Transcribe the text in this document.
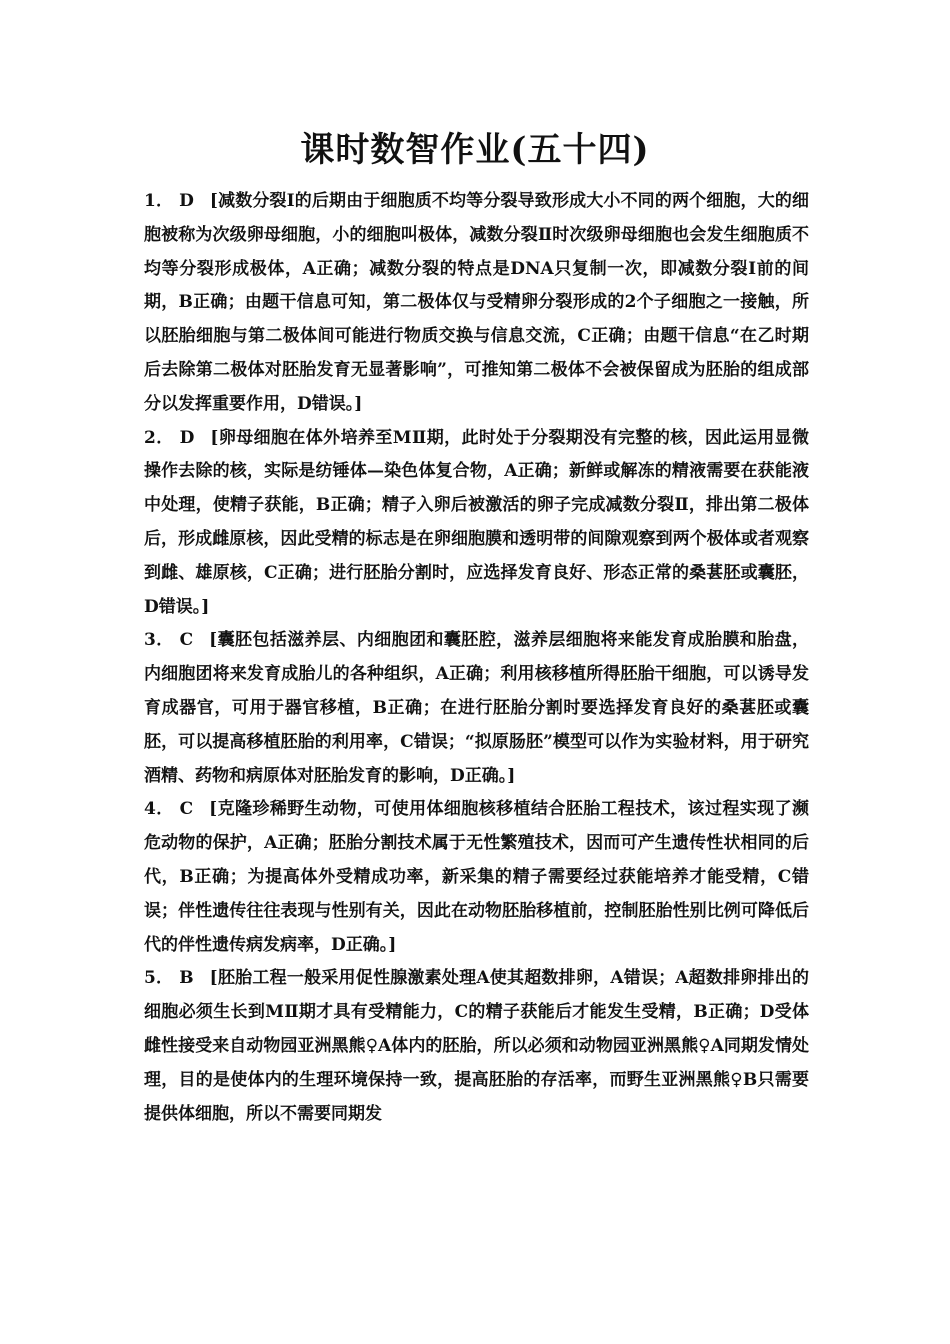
课时数智作业(五十四)

1． D [减数分裂Ⅰ的后期由于细胞质不均等分裂导致形成大小不同的两个细胞，大的细胞被称为次级卵母细胞，小的细胞叫极体，减数分裂Ⅱ时次级卵母细胞也会发生细胞质不均等分裂形成极体，A正确；减数分裂的特点是DNA只复制一次，即减数分裂Ⅰ前的间期，B正确；由题干信息可知，第二极体仅与受精卵分裂形成的2个子细胞之一接触，所以胚胎细胞与第二极体间可能进行物质交换与信息交流，C正确；由题干信息“在乙时期后去除第二极体对胚胎发育无显著影响”，可推知第二极体不会被保留成为胚胎的组成部分以发挥重要作用，D错误。]

2． D [卵母细胞在体外培养至MⅡ期，此时处于分裂期没有完整的核，因此运用显微操作去除的核，实际是纺锤体—染色体复合物，A正确；新鲜或解冻的精液需要在获能液中处理，使精子获能，B正确；精子入卵后被激活的卵子完成减数分裂Ⅱ，排出第二极体后，形成雌原核，因此受精的标志是在卵细胞膜和透明带的间隙观察到两个极体或者观察到雌、雄原核，C正确；进行胚胎分割时，应选择发育良好、形态正常的桑葚胚或囊胚，D错误。]

3． C [囊胚包括滋养层、内细胞团和囊胚腔，滋养层细胞将来能发育成胎膜和胎盘，内细胞团将来发育成胎儿的各种组织，A正确；利用核移植所得胚胎干细胞，可以诱导发育成器官，可用于器官移植，B正确；在进行胚胎分割时要选择发育良好的桑葚胚或囊胚，可以提高移植胚胎的利用率，C错误；“拟原肠胚”模型可以作为实验材料，用于研究酒精、药物和病原体对胚胎发育的影响，D正确。]

4． C [克隆珍稀野生动物，可使用体细胞核移植结合胚胎工程技术，该过程实现了濒危动物的保护，A正确；胚胎分割技术属于无性繁殖技术，因而可产生遗传性状相同的后代，B正确；为提高体外受精成功率，新采集的精子需要经过获能培养才能受精，C错误；伴性遗传往往表现与性别有关，因此在动物胚胎移植前，控制胚胎性别比例可降低后代的伴性遗传病发病率，D正确。]

5． B [胚胎工程一般采用促性腺激素处理A使其超数排卵，A错误；A超数排卵排出的细胞必须生长到MⅡ期才具有受精能力，C的精子获能后才能发生受精，B正确；D受体雌性接受来自动物园亚洲黑熊♀A体内的胚胎，所以必须和动物园亚洲黑熊♀A同期发情处理，目的是使体内的生理环境保持一致，提高胚胎的存活率，而野生亚洲黑熊♀B只需要提供体细胞，所以不需要同期发
